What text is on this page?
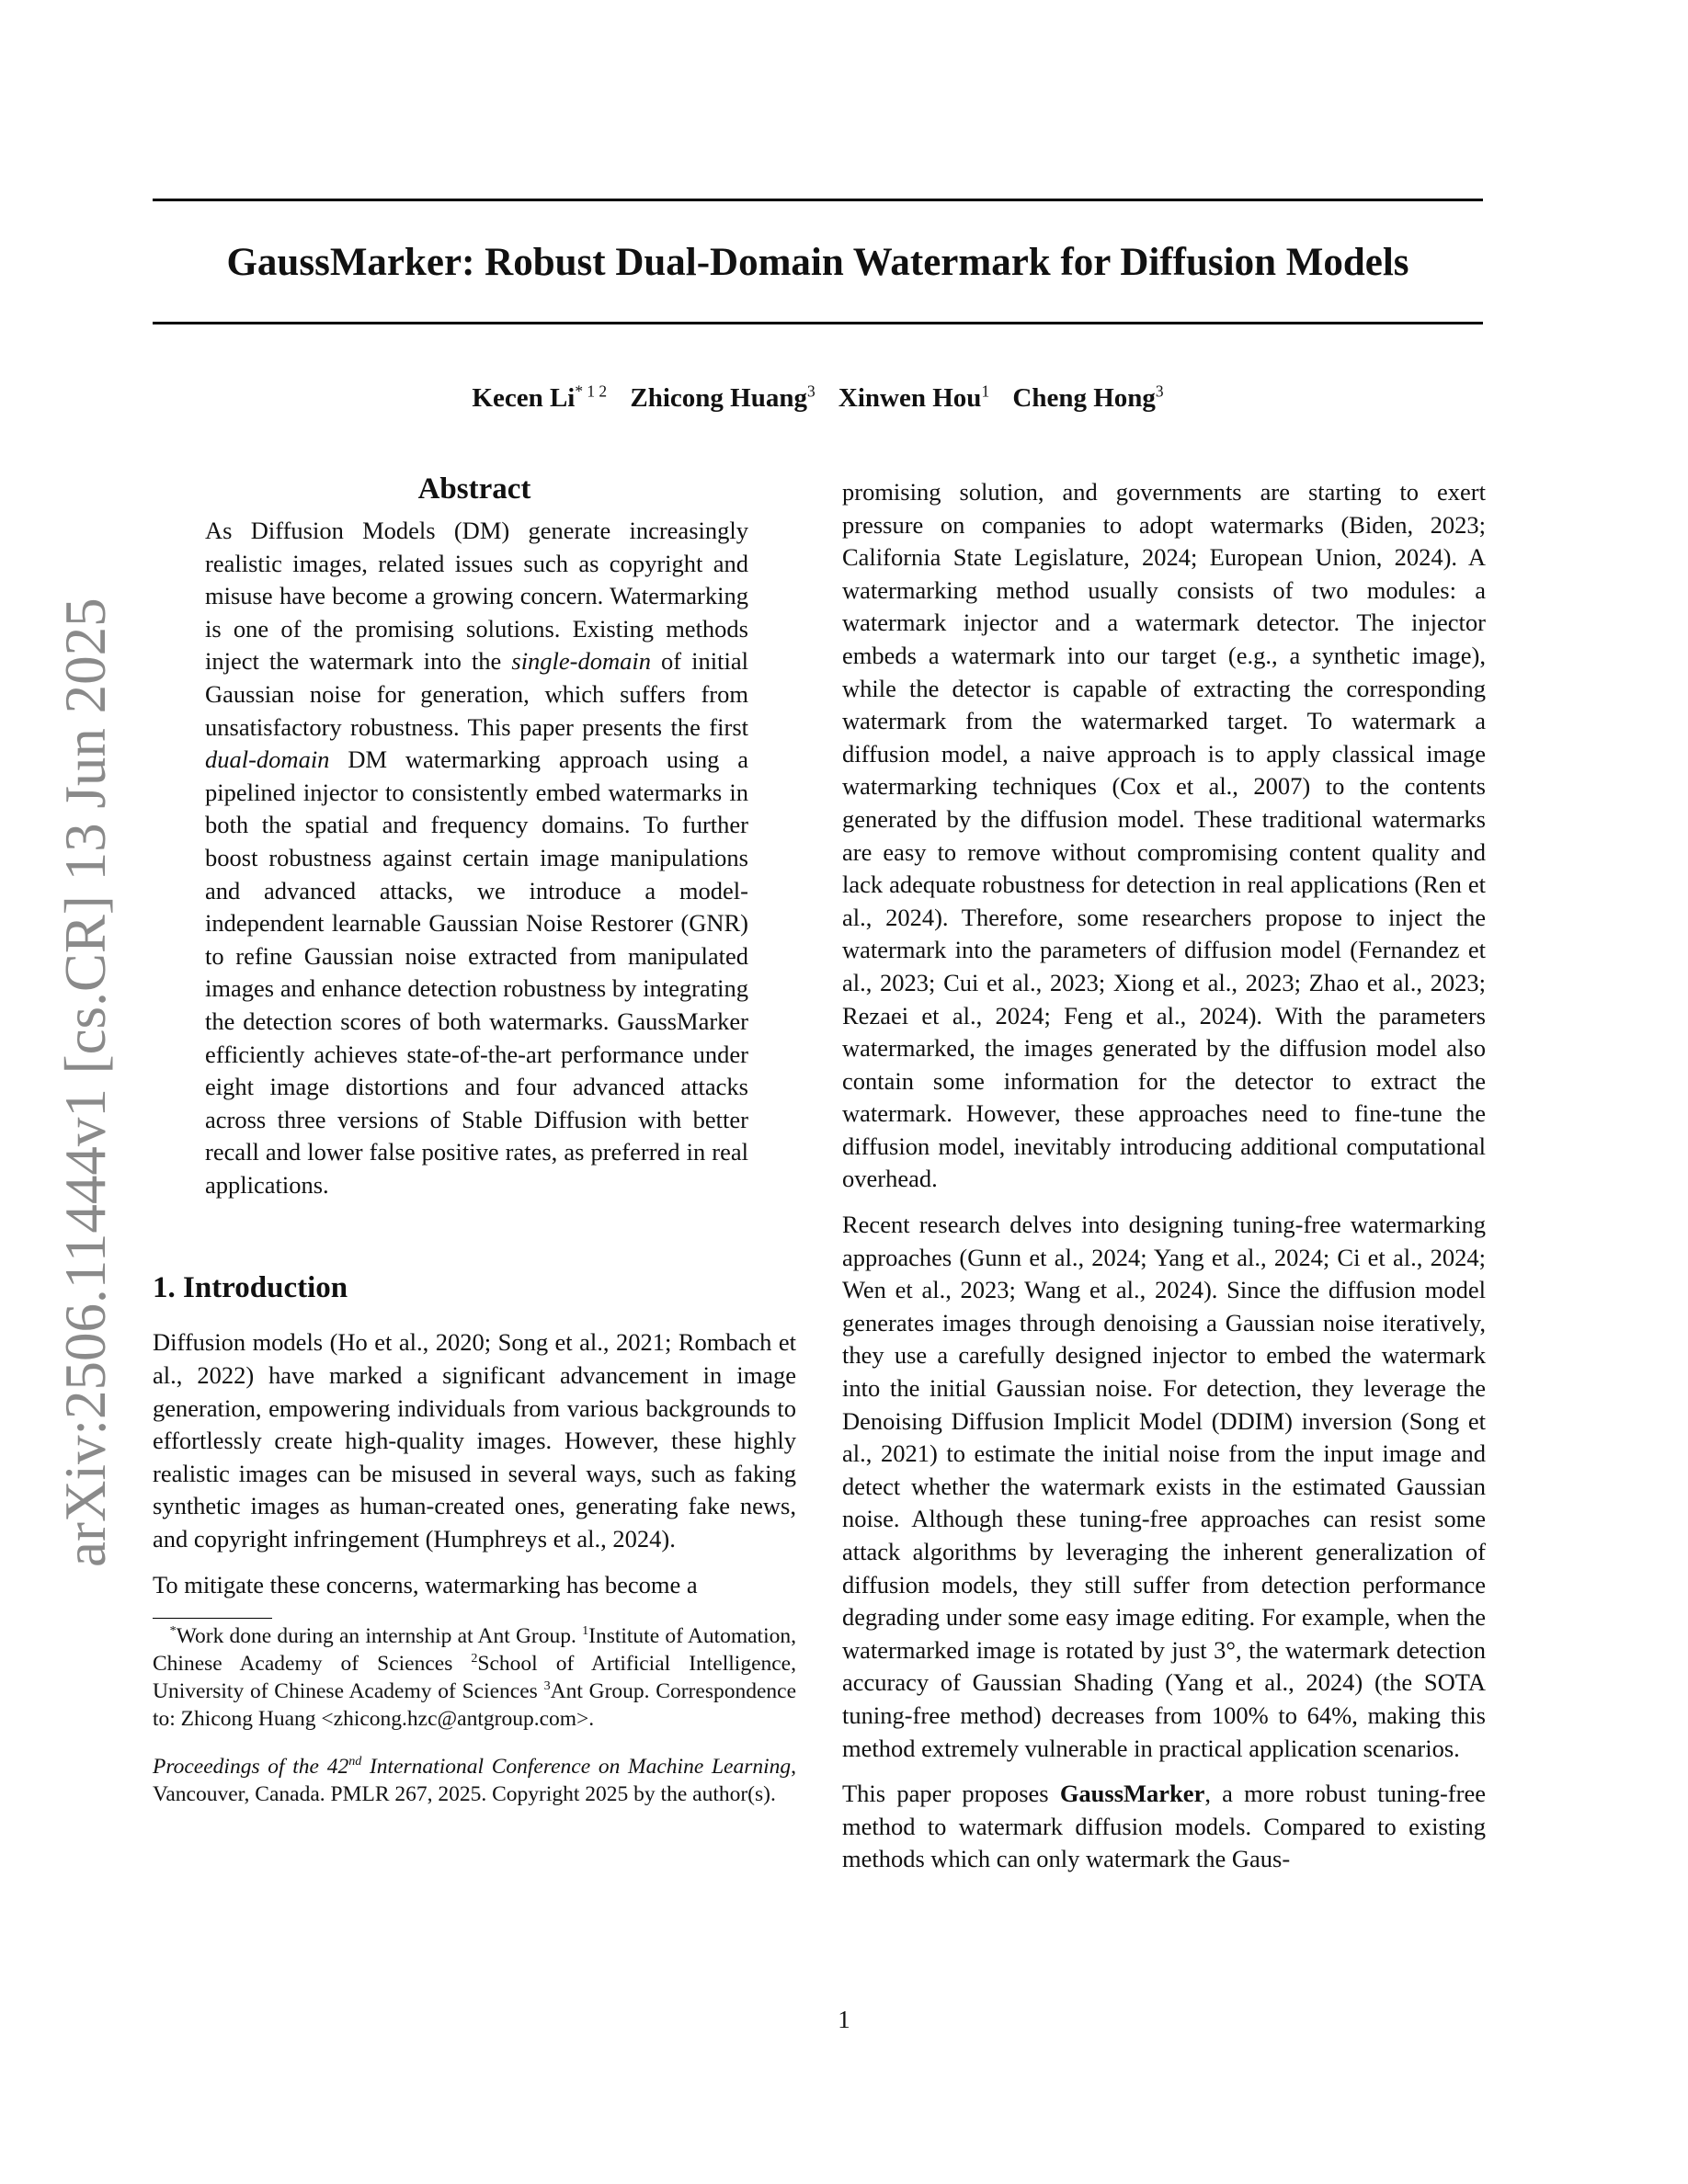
arXiv:2506.11444v1 [cs.CR] 13 Jun 2025
GaussMarker: Robust Dual-Domain Watermark for Diffusion Models
Kecen $Li^{* 1 2}$ Zhicong Huang$^3$ Xinwen Hou$^1$ Cheng Hong$^3$
Abstract

As Diffusion Models (DM) generate increasingly realistic images, related issues such as copyright and misuse have become a growing concern. Watermarking is one of the promising solutions. Existing methods inject the watermark into the single-domain of initial Gaussian noise for generation, which suffers from unsatisfactory robustness. This paper presents the first dual-domain DM watermarking approach using a pipelined injector to consistently embed watermarks in both the spatial and frequency domains. To further boost robustness against certain image manipulations and advanced attacks, we introduce a model-independent learnable Gaussian Noise Restorer (GNR) to refine Gaussian noise extracted from manipulated images and enhance detection robustness by integrating the detection scores of both watermarks. GaussMarker efficiently achieves state-of-the-art performance under eight image distortions and four advanced attacks across three versions of Stable Diffusion with better recall and lower false positive rates, as preferred in real applications.

1. Introduction

Diffusion models (Ho et al., 2020; Song et al., 2021; Rombach et al., 2022) have marked a significant advancement in image generation, empowering individuals from various backgrounds to effortlessly create high-quality images. However, these highly realistic images can be misused in several ways, such as faking synthetic images as human-created ones, generating fake news, and copyright infringement (Humphreys et al., 2024).

To mitigate these concerns, watermarking has become a

*Work done during an internship at Ant Group. $^1$Institute of Automation, Chinese Academy of Sciences $^2$School of Artificial Intelligence, University of Chinese Academy of Sciences $^3$Ant Group. Correspondence to: Zhicong Huang <zhicong.hzc@antgroup.com>.

Proceedings of the 42nd International Conference on Machine Learning, Vancouver, Canada. PMLR 267, 2025. Copyright 2025 by the author(s).

promising solution, and governments are starting to exert pressure on companies to adopt watermarks (Biden, 2023; California State Legislature, 2024; European Union, 2024). A watermarking method usually consists of two modules: a watermark injector and a watermark detector. The injector embeds a watermark into our target (e.g., a synthetic image), while the detector is capable of extracting the corresponding watermark from the watermarked target. To watermark a diffusion model, a naive approach is to apply classical image watermarking techniques (Cox et al., 2007) to the contents generated by the diffusion model. These traditional watermarks are easy to remove without compromising content quality and lack adequate robustness for detection in real applications (Ren et al., 2024). Therefore, some researchers propose to inject the watermark into the parameters of diffusion model (Fernandez et al., 2023; Cui et al., 2023; Xiong et al., 2023; Zhao et al., 2023; Rezaei et al., 2024; Feng et al., 2024). With the parameters watermarked, the images generated by the diffusion model also contain some information for the detector to extract the watermark. However, these approaches need to fine-tune the diffusion model, inevitably introducing additional computational overhead.

Recent research delves into designing tuning-free watermarking approaches (Gunn et al., 2024; Yang et al., 2024; Ci et al., 2024; Wen et al., 2023; Wang et al., 2024). Since the diffusion model generates images through denoising a Gaussian noise iteratively, they use a carefully designed injector to embed the watermark into the initial Gaussian noise. For detection, they leverage the Denoising Diffusion Implicit Model (DDIM) inversion (Song et al., 2021) to estimate the initial noise from the input image and detect whether the watermark exists in the estimated Gaussian noise. Although these tuning-free approaches can resist some attack algorithms by leveraging the inherent generalization of diffusion models, they still suffer from detection performance degrading under some easy image editing. For example, when the watermarked image is rotated by just 3°, the watermark detection accuracy of Gaussian Shading (Yang et al., 2024) (the SOTA tuning-free method) decreases from 100% to 64%, making this method extremely vulnerable in practical application scenarios.

This paper proposes GaussMarker, a more robust tuning-free method to watermark diffusion models. Compared to existing methods which can only watermark the Gaus-

1
